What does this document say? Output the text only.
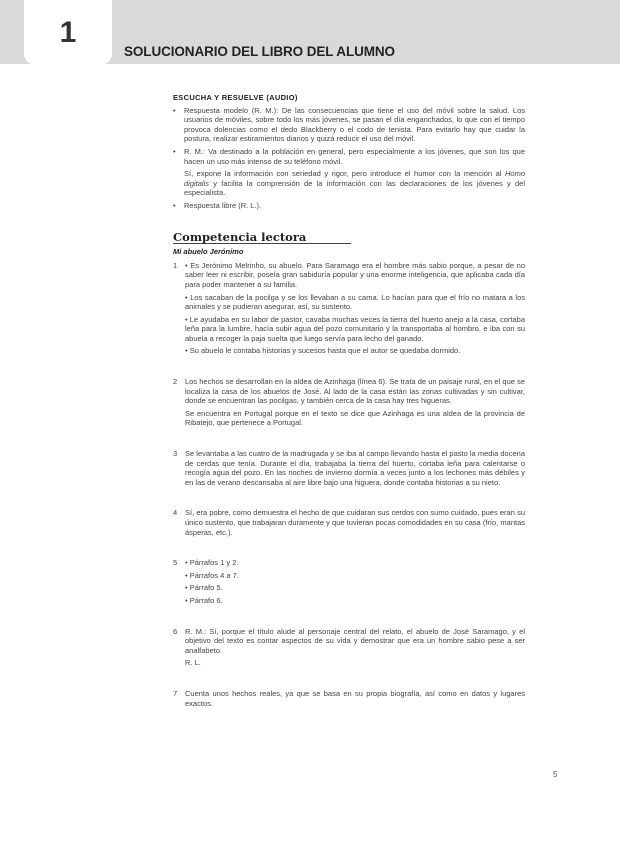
1
SOLUCIONARIO DEL LIBRO DEL ALUMNO
ESCUCHA Y RESUELVE (AUDIO)
• Respuesta modelo (R. M.): De las consecuencias que tiene el uso del móvil sobre la salud. Los usuarios de móviles, sobre todo los más jóvenes, se pasan el día enganchados, lo que con el tiempo provoca dolencias como el dedo Blackberry o el codo de tenista. Para evitarlo hay que cuidar la postura, realizar estiramientos diarios y quizá reducir el uso del móvil.
• R. M.: Va destinado a la población en general, pero especialmente a los jóvenes, que son los que hacen un uso más intenso de su teléfono móvil.
Sí, expone la información con seriedad y rigor, pero introduce el humor con la mención al Homo digitalis y facilita la comprensión de la información con las declaraciones de los jóvenes y del especialista.
• Respuesta libre (R. L.).
Competencia lectora
Mi abuelo Jerónimo
1	• Es Jerónimo Melrinho, su abuelo. Para Saramago era el hombre más sabio porque, a pesar de no saber leer ni escribir, poseía gran sabiduría popular y una enorme inteligencia, que aplicaba cada día para poder mantener a su familia.

• Los sacaban de la pocilga y se los llevaban a su cama. Lo hacían para que el frío no matara a los animales y se pudieran asegurar, así, su sustento.

• Le ayudaba en su labor de pastor, cavaba muchas veces la tierra del huerto anejo a la casa, cortaba leña para la lumbre, hacía subir agua del pozo comunitario y la transportaba al hombro, e iba con su abuela a recoger la paja suelta que luego servía para lecho del ganado.

• Su abuelo le contaba historias y sucesos hasta que el autor se quedaba dormido.

2	Los hechos se desarrollan en la aldea de Azinhaga (línea 6). Se trata de un paisaje rural, en el que se localiza la casa de los abuelos de José. Al lado de la casa están las zonas cultivadas y sin cultivar, donde se encuentran las pocilgas, y también cerca de la casa hay tres higueras.

Se encuentra en Portugal porque en el texto se dice que Azinhaga es una aldea de la provincia de Ribatejo, que pertenece a Portugal.

3	Se levantaba a las cuatro de la madrugada y se iba al campo llevando hasta el pasto la media docena de cerdas que tenía. Durante el día, trabajaba la tierra del huerto, cortaba leña para calentarse o recogía agua del pozo. En las noches de invierno dormía a veces junto a los lechones más débiles y en las de verano descansaba al aire libre bajo una higuera, donde contaba historias a su nieto.

4	Sí, era pobre, como demuestra el hecho de que cuidaran sus cerdos con sumo cuidado, pues eran su único sustento, que trabajaran duramente y que tuvieran pocas comodidades en su casa (frío, mantas ásperas, etc.).

5	• Párrafos 1 y 2.

• Párrafos 4 a 7.

• Párrafo 5.

• Párrafo 6.

6	R. M.: Sí, porque el título alude al personaje central del relato, el abuelo de José Saramago, y el objetivo del texto es contar aspectos de su vida y demostrar que era un hombre sabio pese a ser analfabeto.

R. L.

7	Cuenta unos hechos reales, ya que se basa en su propia biografía, así como en datos y lugares exactos.

5
